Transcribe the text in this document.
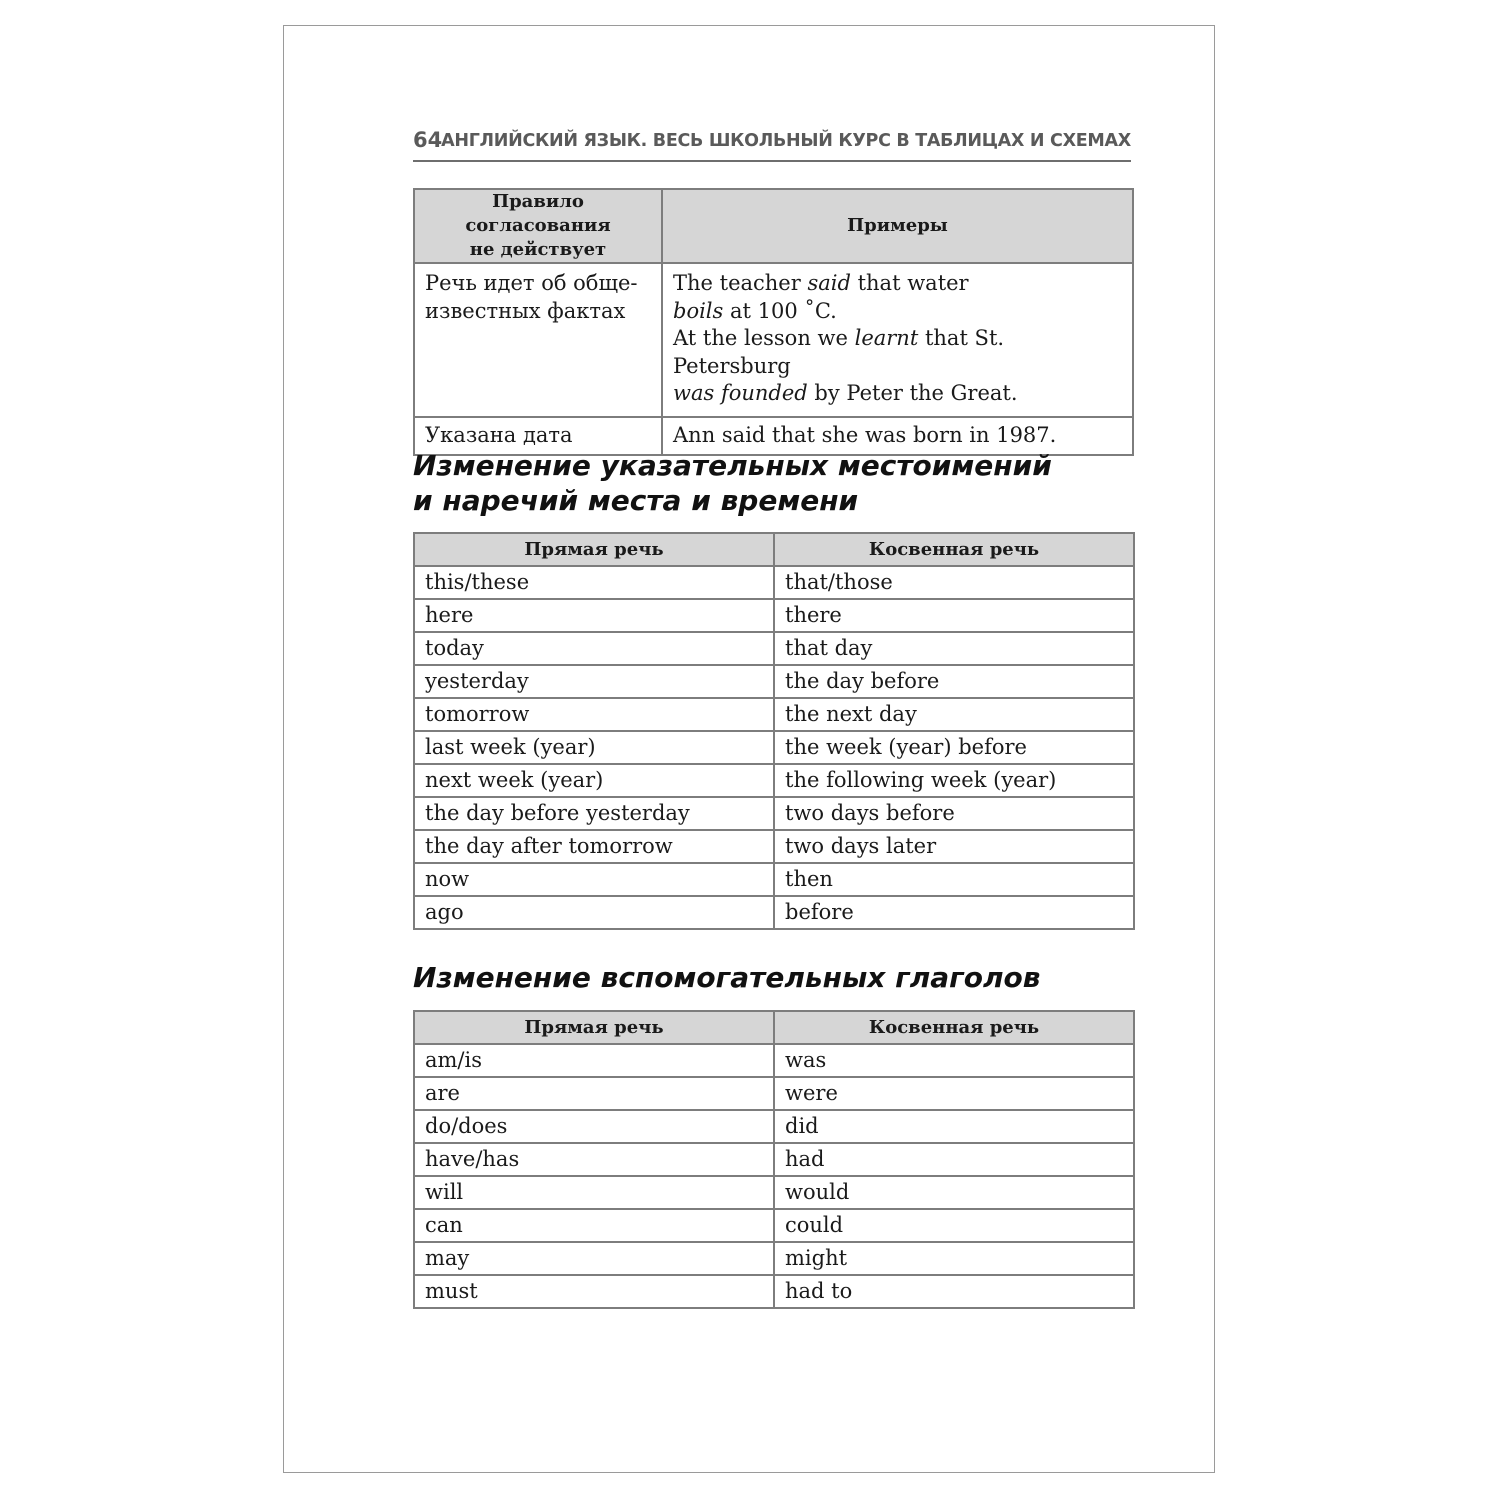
64
АНГЛИЙСКИЙ ЯЗЫК. ВЕСЬ ШКОЛЬНЫЙ КУРС В ТАБЛИЦАХ И СХЕМАХ
Правило согласования
не действует	Примеры
Речь идет об обще-
известных фактах	The teacher said that water
boils at 100 ˚C.
At the lesson we learnt that St. Petersburg
was founded by Peter the Great.
Указана дата	Ann said that she was born in 1987.
Изменение указательных местоимений
и наречий места и времени
Прямая речь	Косвенная речь
this/these	that/those
here	there
today	that day
yesterday	the day before
tomorrow	the next day
last week (year)	the week (year) before
next week (year)	the following week (year)
the day before yesterday	two days before
the day after tomorrow	two days later
now	then
ago	before
Изменение вспомогательных глаголов
Прямая речь	Косвенная речь
am/is	was
are	were
do/does	did
have/has	had
will	would
can	could
may	might
must	had to
